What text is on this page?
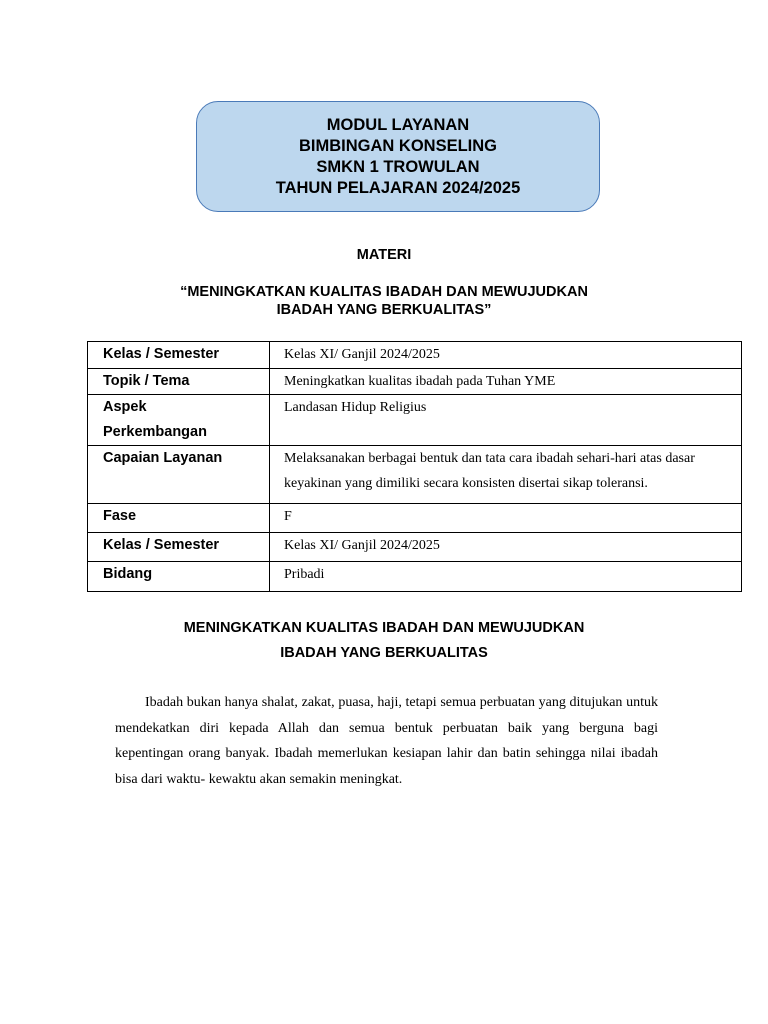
MODUL LAYANAN
BIMBINGAN KONSELING
SMKN 1 TROWULAN
TAHUN PELAJARAN 2024/2025
MATERI
“MENINGKATKAN KUALITAS IBADAH DAN MEWUJUDKAN
IBADAH YANG BERKUALITAS”
Kelas / Semester	Kelas XI/ Ganjil 2024/2025
Topik / Tema	Meningkatkan kualitas ibadah pada Tuhan YME

Aspek
Perkembangan	Landasan Hidup Religius
Capaian Layanan	Melaksanakan berbagai bentuk dan tata cara ibadah sehari-hari atas dasar
keyakinan yang dimiliki secara konsisten disertai sikap toleransi.

Fase	F
Kelas / Semester	Kelas XI/ Ganjil 2024/2025
Bidang	Pribadi
MENINGKATKAN KUALITAS IBADAH DAN MEWUJUDKAN
IBADAH YANG BERKUALITAS
Ibadah bukan hanya shalat, zakat, puasa, haji, tetapi semua perbuatan yang ditujukan untuk mendekatkan diri kepada Allah dan semua bentuk perbuatan baik yang berguna bagi kepentingan orang banyak. Ibadah memerlukan kesiapan lahir dan batin sehingga nilai ibadah bisa dari waktu- kewaktu akan semakin meningkat.
